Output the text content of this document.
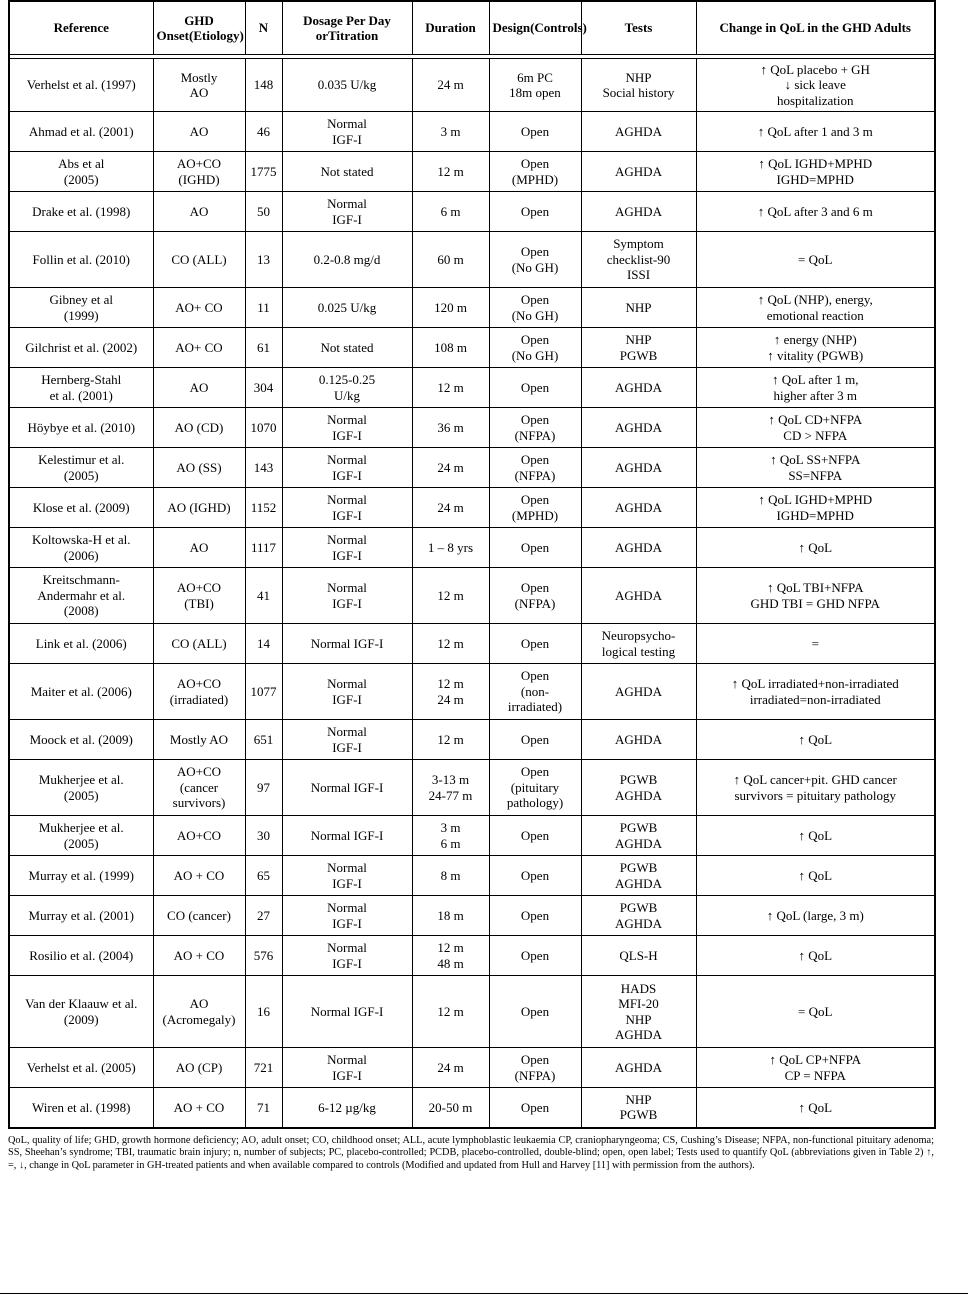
Reference	GHD Onset(Etiology)	N	Dosage Per Day orTitration	Duration	Design(Controls)	Tests	Change in QoL in the GHD Adults

Verhelst et al. (1997)	Mostly
AO	148	0.035 U/kg	24 m	6m PC
18m open	NHP
Social history	↑ QoL placebo + GH
↓ sick leave
hospitalization

Ahmad et al. (2001)	AO	46	Normal
IGF-I	3 m	Open	AGHDA	↑ QoL after 1 and 3 m

Abs et al
(2005)	AO+CO
(IGHD)	1775	Not stated	12 m	Open
(MPHD)	AGHDA	↑ QoL IGHD+MPHD
IGHD=MPHD

Drake et al. (1998)	AO	50	Normal
IGF-I	6 m	Open	AGHDA	↑ QoL after 3 and 6 m

Follin et al. (2010)	CO (ALL)	13	0.2-0.8 mg/d	60 m	Open
(No GH)	Symptom
checklist-90
ISSI	= QoL

Gibney et al
(1999)	AO+ CO	11	0.025 U/kg	120 m	Open
(No GH)	NHP	↑ QoL (NHP), energy,
emotional reaction

Gilchrist et al. (2002)	AO+ CO	61	Not stated	108 m	Open
(No GH)	NHP
PGWB	↑ energy (NHP)
↑ vitality (PGWB)

Hernberg-Stahl
et al. (2001)	AO	304	0.125-0.25
U/kg	12 m	Open	AGHDA	↑ QoL after 1 m,
higher after 3 m

Höybye et al. (2010)	AO (CD)	1070	Normal
IGF-I	36 m	Open
(NFPA)	AGHDA	↑ QoL CD+NFPA
CD > NFPA

Kelestimur et al.
(2005)	AO (SS)	143	Normal
IGF-I	24 m	Open
(NFPA)	AGHDA	↑ QoL SS+NFPA
SS=NFPA

Klose et al. (2009)	AO (IGHD)	1152	Normal
IGF-I	24 m	Open
(MPHD)	AGHDA	↑ QoL IGHD+MPHD
IGHD=MPHD

Koltowska-H et al.
(2006)	AO	1117	Normal
IGF-I	1 – 8 yrs	Open	AGHDA	↑ QoL

Kreitschmann-
Andermahr et al.
(2008)	AO+CO
(TBI)	41	Normal
IGF-I	12 m	Open
(NFPA)	AGHDA	↑ QoL TBI+NFPA
GHD TBI = GHD NFPA

Link et al. (2006)	CO (ALL)	14	Normal IGF-I	12 m	Open	Neuropsycho-
logical testing	=

Maiter et al. (2006)	AO+CO
(irradiated)	1077	Normal
IGF-I	12 m
24 m	Open
(non-
irradiated)	AGHDA	↑ QoL irradiated+non-irradiated
irradiated=non-irradiated

Moock et al. (2009)	Mostly AO	651	Normal
IGF-I	12 m	Open	AGHDA	↑ QoL

Mukherjee et al.
(2005)	AO+CO
(cancer
survivors)	97	Normal IGF-I	3-13 m
24-77 m	Open
(pituitary
pathology)	PGWB
AGHDA	↑ QoL cancer+pit. GHD cancer
survivors = pituitary pathology

Mukherjee et al.
(2005)	AO+CO	30	Normal IGF-I	3 m
6 m	Open	PGWB
AGHDA	↑ QoL

Murray et al. (1999)	AO + CO	65	Normal
IGF-I	8 m	Open	PGWB
AGHDA	↑ QoL

Murray et al. (2001)	CO (cancer)	27	Normal
IGF-I	18 m	Open	PGWB
AGHDA	↑ QoL (large, 3 m)

Rosilio et al. (2004)	AO + CO	576	Normal
IGF-I	12 m
48 m	Open	QLS-H	↑ QoL

Van der Klaauw et al.
(2009)	AO
(Acromegaly)	16	Normal IGF-I	12 m	Open	HADS
MFI-20
NHP
AGHDA	= QoL

Verhelst et al. (2005)	AO (CP)	721	Normal
IGF-I	24 m	Open
(NFPA)	AGHDA	↑ QoL CP+NFPA
CP = NFPA

Wiren et al. (1998)	AO + CO	71	6-12 µg/kg	20-50 m	Open	NHP
PGWB	↑ QoL
QoL, quality of life; GHD, growth hormone deficiency; AO, adult onset; CO, childhood onset; ALL, acute lymphoblastic leukaemia CP, craniopharyngeoma; CS, Cushing’s Disease; NFPA, non-functional pituitary adenoma; SS, Sheehan’s syndrome; TBI, traumatic brain injury; n, number of subjects; PC, placebo-controlled; PCDB, placebo-controlled, double-blind; open, open label; Tests used to quantify QoL (abbreviations given in Table 2) ↑, =, ↓, change in QoL parameter in GH-treated patients and when available compared to controls (Modified and updated from Hull and Harvey [11] with permission from the authors).
